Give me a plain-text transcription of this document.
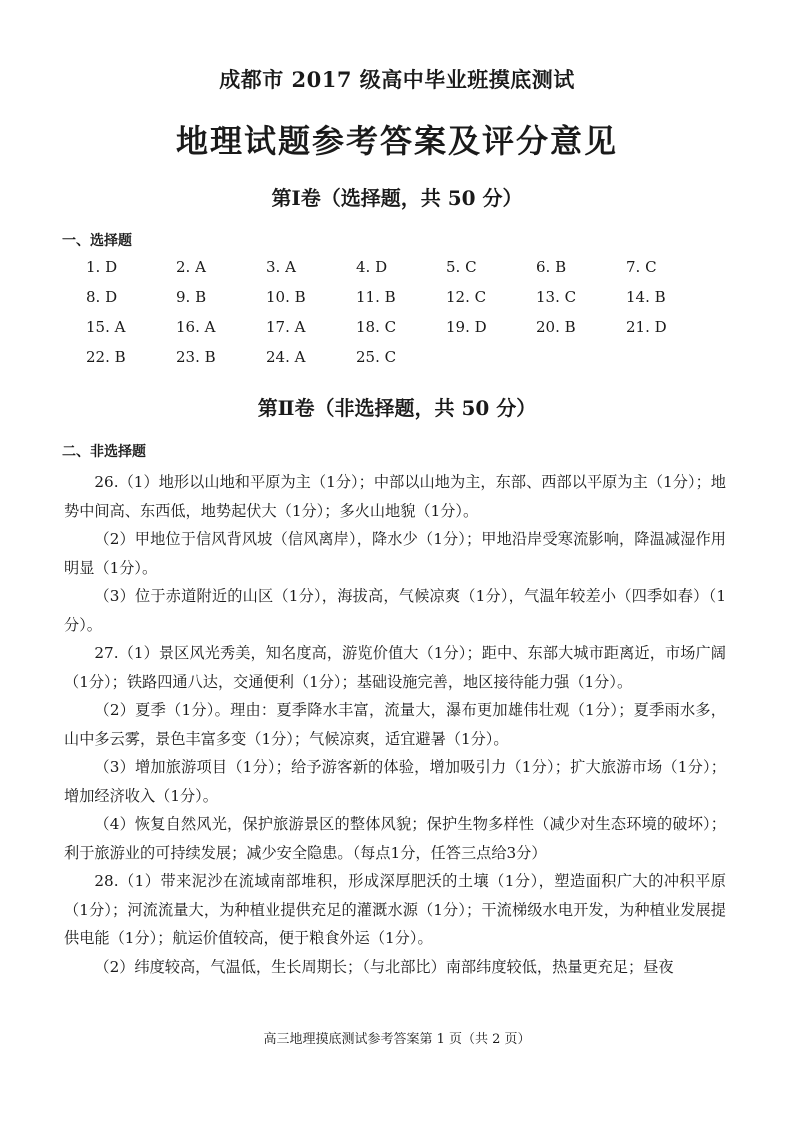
成都市 2017 级高中毕业班摸底测试
地理试题参考答案及评分意见
第Ⅰ卷（选择题，共 50 分）
一、选择题
1. D	2. A	3. A	4. D	5. C	6. B	7. C
8. D	9. B	10. B	11. B	12. C	13. C	14. B
15. A	16. A	17. A	18. C	19. D	20. B	21. D
22. B	23. B	24. A	25. C
第Ⅱ卷（非选择题，共 50 分）
二、非选择题

26.（1）地形以山地和平原为主（1分）；中部以山地为主，东部、西部以平原为主（1分）；地势中间高、东西低，地势起伏大（1分）；多火山地貌（1分）。

（2）甲地位于信风背风坡（信风离岸），降水少（1分）；甲地沿岸受寒流影响，降温减湿作用明显（1分）。

（3）位于赤道附近的山区（1分），海拔高，气候凉爽（1分），气温年较差小（四季如春）（1分）。

27.（1）景区风光秀美，知名度高，游览价值大（1分）；距中、东部大城市距离近，市场广阔（1分）；铁路四通八达，交通便利（1分）；基础设施完善，地区接待能力强（1分）。

（2）夏季（1分）。理由：夏季降水丰富，流量大，瀑布更加雄伟壮观（1分）；夏季雨水多，山中多云雾，景色丰富多变（1分）；气候凉爽，适宜避暑（1分）。

（3）增加旅游项目（1分）；给予游客新的体验，增加吸引力（1分）；扩大旅游市场（1分）；增加经济收入（1分）。

（4）恢复自然风光，保护旅游景区的整体风貌；保护生物多样性（减少对生态环境的破坏）；利于旅游业的可持续发展；减少安全隐患。（每点1分，任答三点给3分）

28.（1）带来泥沙在流域南部堆积，形成深厚肥沃的土壤（1分），塑造面积广大的冲积平原（1分）；河流流量大，为种植业提供充足的灌溉水源（1分）；干流梯级水电开发，为种植业发展提供电能（1分）；航运价值较高，便于粮食外运（1分）。

（2）纬度较高，气温低，生长周期长；（与北部比）南部纬度较低，热量更充足；昼夜

高三地理摸底测试参考答案第 1 页（共 2 页）
